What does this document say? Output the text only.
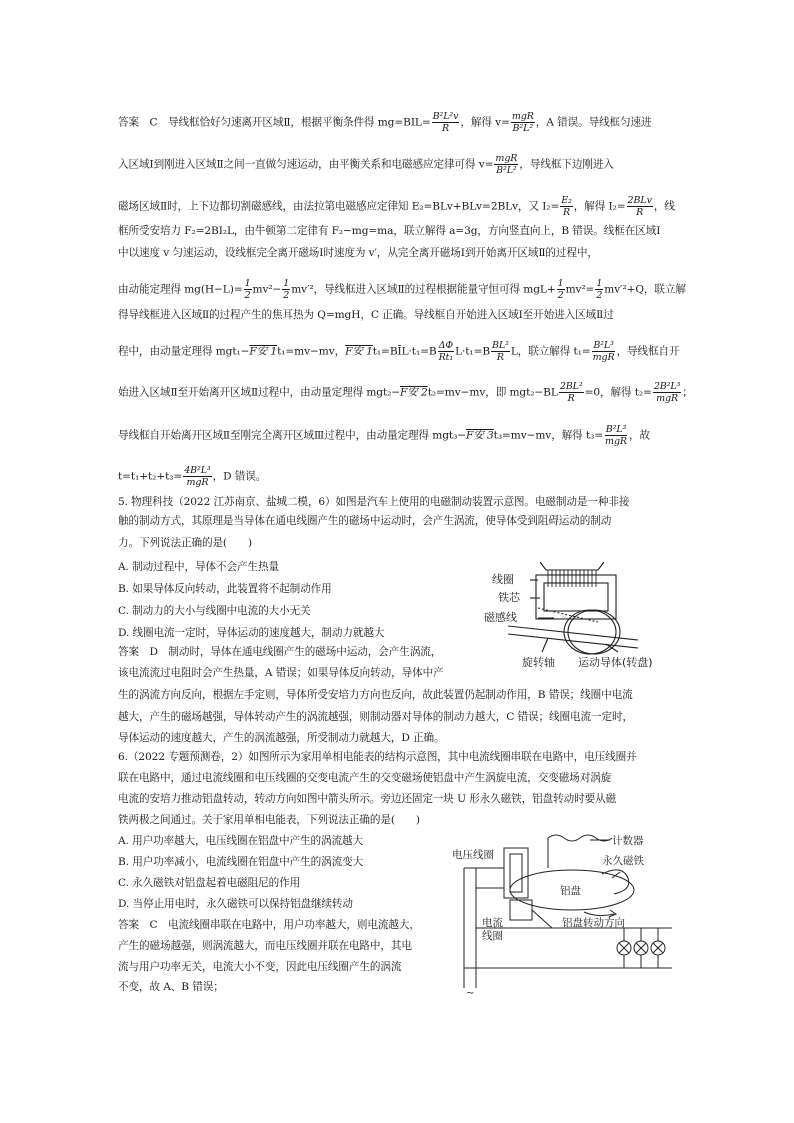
答案　C　导线框恰好匀速离开区域Ⅱ，根据平衡条件得 $mg=BIL= \frac{\text{B²L²v}}{R}$ ，解得 $v= \frac{\text{mgR}}{\text{B²L²}}$ ，A 错误。导线框匀速进
入区域Ⅰ到刚进入区域Ⅱ之间一直做匀速运动，由平衡关系和电磁感应定律可得 $v= \frac{\text{mgR}}{\text{B²L²}}$ ，导线框下边刚进入
磁场区域Ⅱ时，上下边都切割磁感线，由法拉第电磁感应定律知 E₂=BLv+BLv=2BLv，又 $I_2= \frac{\text{E₂}}{R}$ ，解得 $I_2= \frac{\text{2BLv}}{R}$ ，线
框所受安培力 F₂=2BI₂L，由牛顿第二定律有 F₂−mg=ma，联立解得 a=3g，方向竖直向上，B 错误。线框在区域Ⅰ
中以速度 v 匀速运动，设线框完全离开磁场Ⅰ时速度为 v′，从完全离开磁场Ⅰ到开始离开区域Ⅱ的过程中，
由动能定理得 $mg(H-L)= \frac{1}{2} mv^2- \frac{1}{2} mv'^2$，导线框进入区域Ⅱ的过程根据能量守恒可得 $mgL+ \frac{1}{2} mv^2= \frac{1}{2} mv'^2+Q$，联立解
得导线框进入区域Ⅱ的过程产生的焦耳热为 Q=mgH，C 正确。导线框自开始进入区域Ⅰ至开始进入区域Ⅱ过
程中，由动量定理得 mgt₁−F安 1t₁=mv−mv，F安 1t₁=BĪL·t₁=B $\frac{\Delta\Phi}{\text{Rt₁}} L\cdot t_1=B \frac{\text{BL²}}{R}$ L，联立解得 $t_1= \frac{\text{B²L³}}{\text{mgR}}$ ，导线框自开
始进入区域Ⅱ至开始离开区域Ⅱ过程中，由动量定理得 mgt₂−F安 2t₂=mv−mv，即 $mgt_2-BL \frac{\text{2BL²}}{R} =0$，解得 $t_2= \frac{\text{2B²L³}}{\text{mgR}}$ ；
导线框自开始离开区域Ⅱ至刚完全离开区域Ⅲ过程中，由动量定理得 mgt₃−F安 3t₃=mv−mv，解得 $t_3= \frac{\text{B²L³}}{\text{mgR}}$ ，故
$t=t_1+t_2+t_3= \frac{\text{4B²L³}}{\text{mgR}}$ ，D 错误。
5. 物理科技（2022 江苏南京、盐城二模，6）如图是汽车上使用的电磁制动装置示意图。电磁制动是一种非接
触的制动方式，其原理是当导体在通电线圈产生的磁场中运动时，会产生涡流，使导体受到阻碍运动的制动
力。下列说法正确的是(　　)
A. 制动过程中，导体不会产生热量
B. 如果导体反向转动，此装置将不起制动作用
C. 制动力的大小与线圈中电流的大小无关
D. 线圈电流一定时，导体运动的速度越大，制动力就越大
答案　D　制动时，导体在通电线圈产生的磁场中运动，会产生涡流，
该电流流过电阻时会产生热量，A 错误；如果导体反向转动，导体中产
生的涡流方向反向，根据左手定则，导体所受安培力方向也反向，故此装置仍起制动作用，B 错误；线圈中电流
越大，产生的磁场越强，导体转动产生的涡流越强，则制动器对导体的制动力越大，C 错误；线圈电流一定时，
导体运动的速度越大，产生的涡流越强，所受制动力就越大，D 正确。
6.（2022 专题预测卷，2）如图所示为家用单相电能表的结构示意图，其中电流线圈串联在电路中，电压线圈并
联在电路中，通过电流线圈和电压线圈的交变电流产生的交变磁场使铝盘中产生涡旋电流，交变磁场对涡旋
电流的安培力推动铝盘转动，转动方向如图中箭头所示。旁边还固定一块 U 形永久磁铁，铝盘转动时要从磁
铁两极之间通过。关于家用单相电能表，下列说法正确的是(　　)
A. 用户功率越大，电压线圈在铝盘中产生的涡流越大
B. 用户功率减小，电流线圈在铝盘中产生的涡流变大
C. 永久磁铁对铝盘起着电磁阻尼的作用
D. 当停止用电时，永久磁铁可以保持铝盘继续转动
答案　C　电流线圈串联在电路中，用户功率越大，则电流越大，
产生的磁场越强，则涡流越大，而电压线圈并联在电路中，其电
流与用户功率无关，电流大小不变，因此电压线圈产生的涡流
不变，故 A、B 错误；
线圈
铁芯
磁感线
旋转轴 运动导体(转盘)
计数器
永久磁铁
电压线圈
铝盘
电流
线圈
铝盘转动方向
~
